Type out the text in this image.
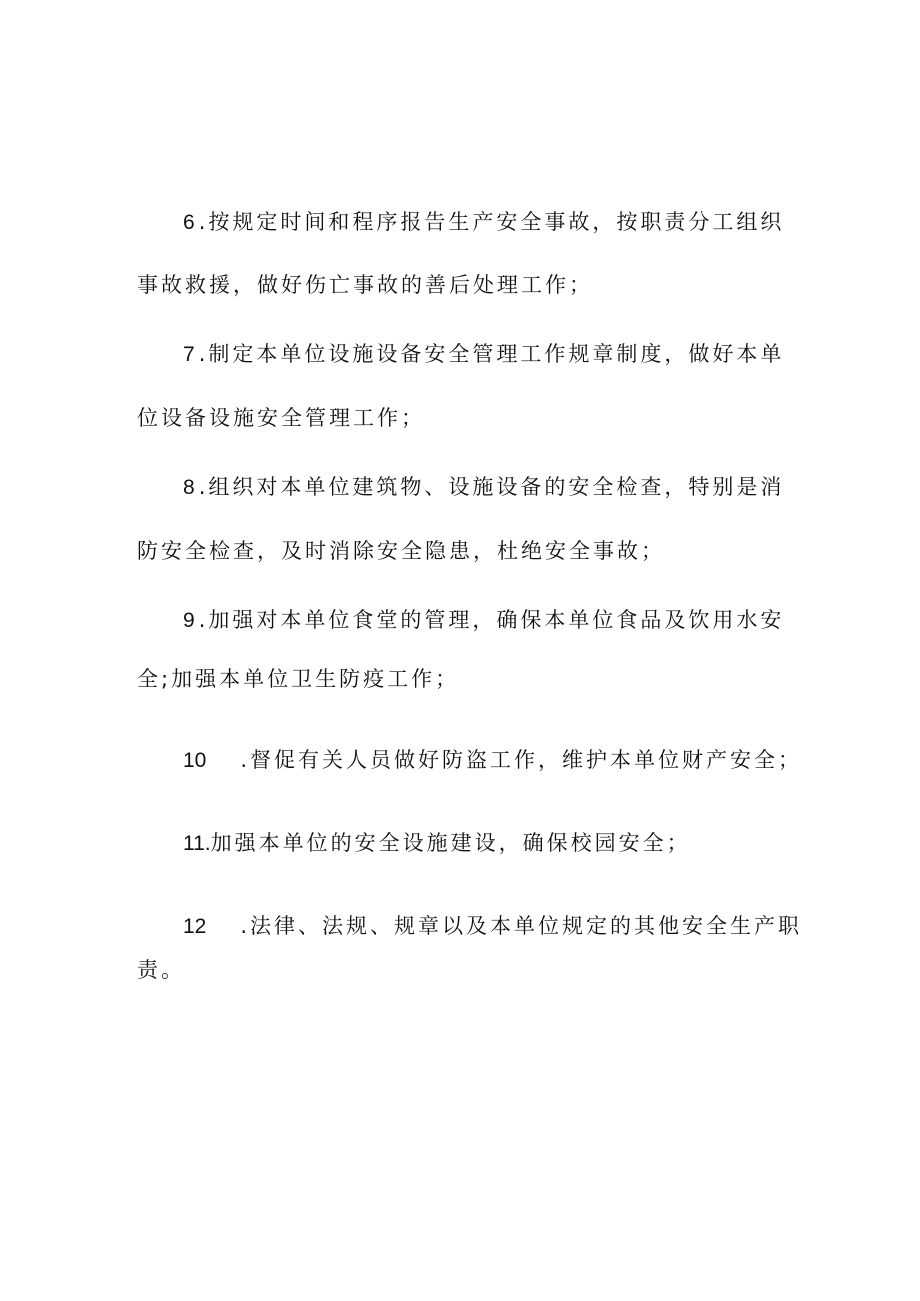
6 .按规定时间和程序报告生产安全事故，按职责分工组织
事故救援，做好伤亡事故的善后处理工作；
7 .制定本单位设施设备安全管理工作规章制度，做好本单
位设备设施安全管理工作；
8 .组织对本单位建筑物、设施设备的安全检查，特别是消
防安全检查，及时消除安全隐患，杜绝安全事故；
9 .加强对本单位食堂的管理，确保本单位食品及饮用水安
全;加强本单位卫生防疫工作；
10 .督促有关人员做好防盗工作，维护本单位财产安全；
11.加强本单位的安全设施建设，确保校园安全；
12 .法律、法规、规章以及本单位规定的其他安全生产职
责。
